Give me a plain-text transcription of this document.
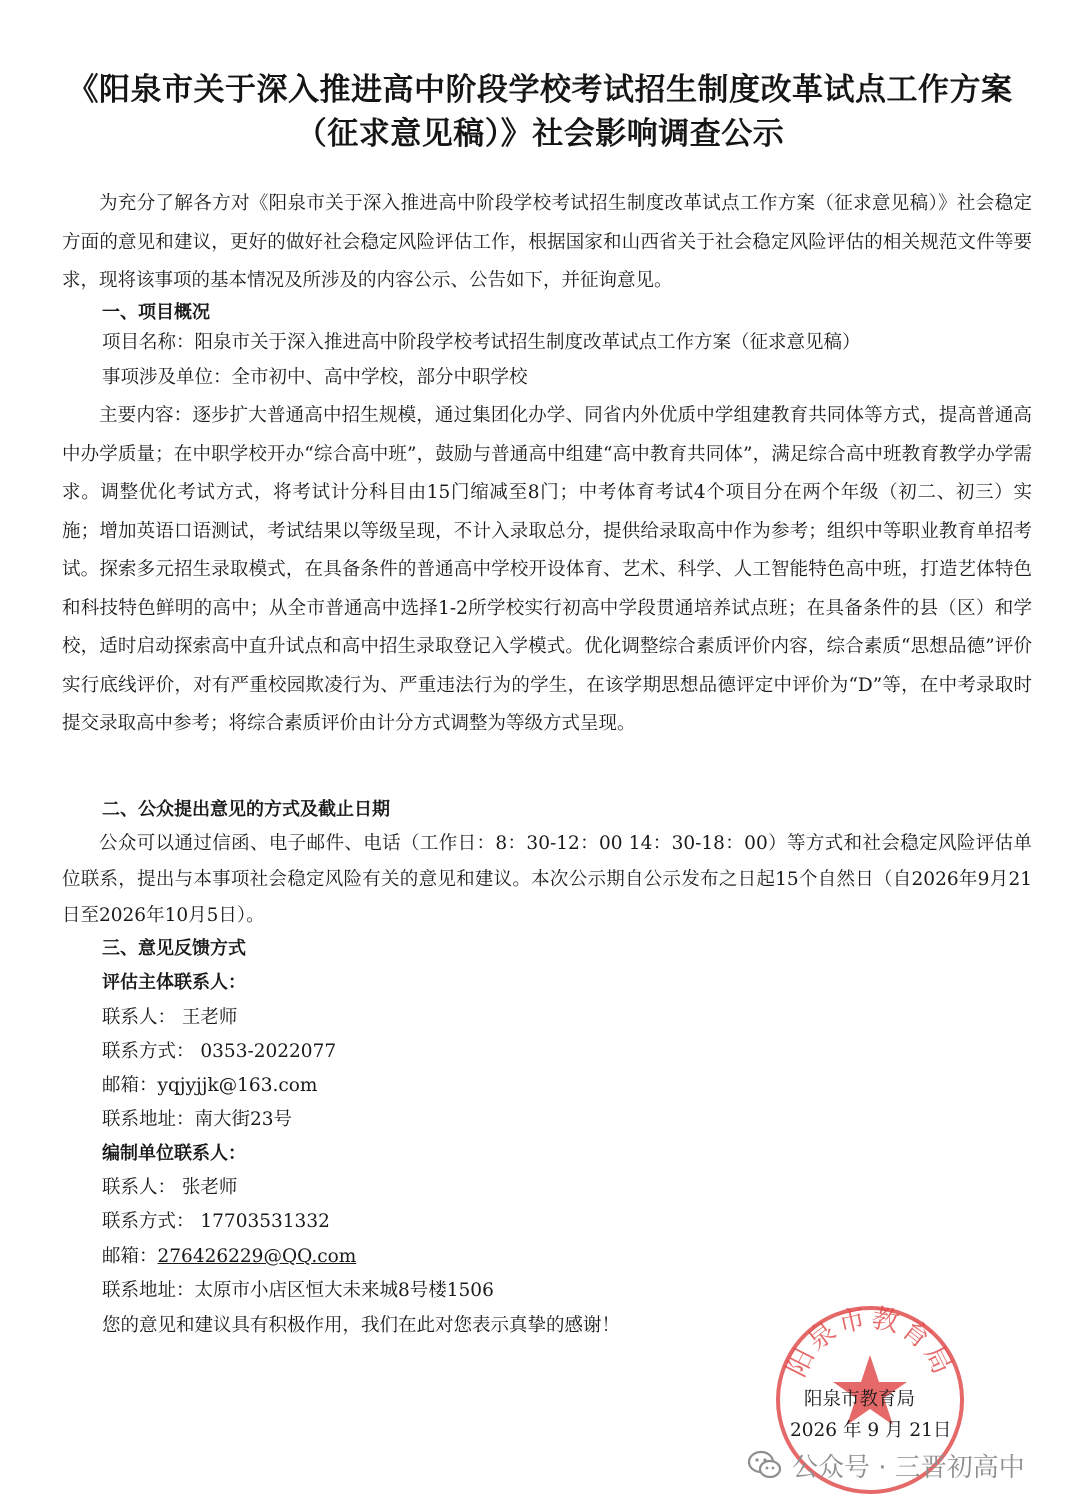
《阳泉市关于深入推进高中阶段学校考试招生制度改革试点工作方案
（征求意见稿）》社会影响调查公示

为充分了解各方对《阳泉市关于深入推进高中阶段学校考试招生制度改革试点工作方案（征求意见稿）》社会稳定方面的意见和建议，更好的做好社会稳定风险评估工作，根据国家和山西省关于社会稳定风险评估的相关规范文件等要求，现将该事项的基本情况及所涉及的内容公示、公告如下，并征询意见。

一、项目概况
项目名称：阳泉市关于深入推进高中阶段学校考试招生制度改革试点工作方案（征求意见稿）
事项涉及单位：全市初中、高中学校，部分中职学校

主要内容：逐步扩大普通高中招生规模，通过集团化办学、同省内外优质中学组建教育共同体等方式，提高普通高中办学质量；在中职学校开办“综合高中班”，鼓励与普通高中组建“高中教育共同体”，满足综合高中班教育教学办学需求。调整优化考试方式，将考试计分科目由15门缩减至8门；中考体育考试4个项目分在两个年级（初二、初三）实施；增加英语口语测试，考试结果以等级呈现，不计入录取总分，提供给录取高中作为参考；组织中等职业教育单招考试。探索多元招生录取模式，在具备条件的普通高中学校开设体育、艺术、科学、人工智能特色高中班，打造艺体特色和科技特色鲜明的高中；从全市普通高中选择1-2所学校实行初高中学段贯通培养试点班；在具备条件的县（区）和学校，适时启动探索高中直升试点和高中招生录取登记入学模式。优化调整综合素质评价内容，综合素质“思想品德”评价实行底线评价，对有严重校园欺凌行为、严重违法行为的学生，在该学期思想品德评定中评价为“D”等，在中考录取时提交录取高中参考；将综合素质评价由计分方式调整为等级方式呈现。

二、公众提出意见的方式及截止日期

公众可以通过信函、电子邮件、电话（工作日：8：30-12：00 14：30-18：00）等方式和社会稳定风险评估单位联系，提出与本事项社会稳定风险有关的意见和建议。本次公示期自公示发布之日起15个自然日（自2026年9月21日至2026年10月5日）。

三、意见反馈方式
评估主体联系人：
联系人： 王老师
联系方式： 0353-2022077
邮箱：yqjyjjk@163.com
联系地址：南大街23号
编制单位联系人：
联系人： 张老师
联系方式： 17703531332
邮箱：276426229@QQ.com
联系地址：太原市小店区恒大未来城8号楼1506
您的意见和建议具有积极作用，我们在此对您表示真挚的感谢！
阳泉市教育局
阳泉市教育局
2026 年 9 月 21日
公众号 · 三晋初高中
